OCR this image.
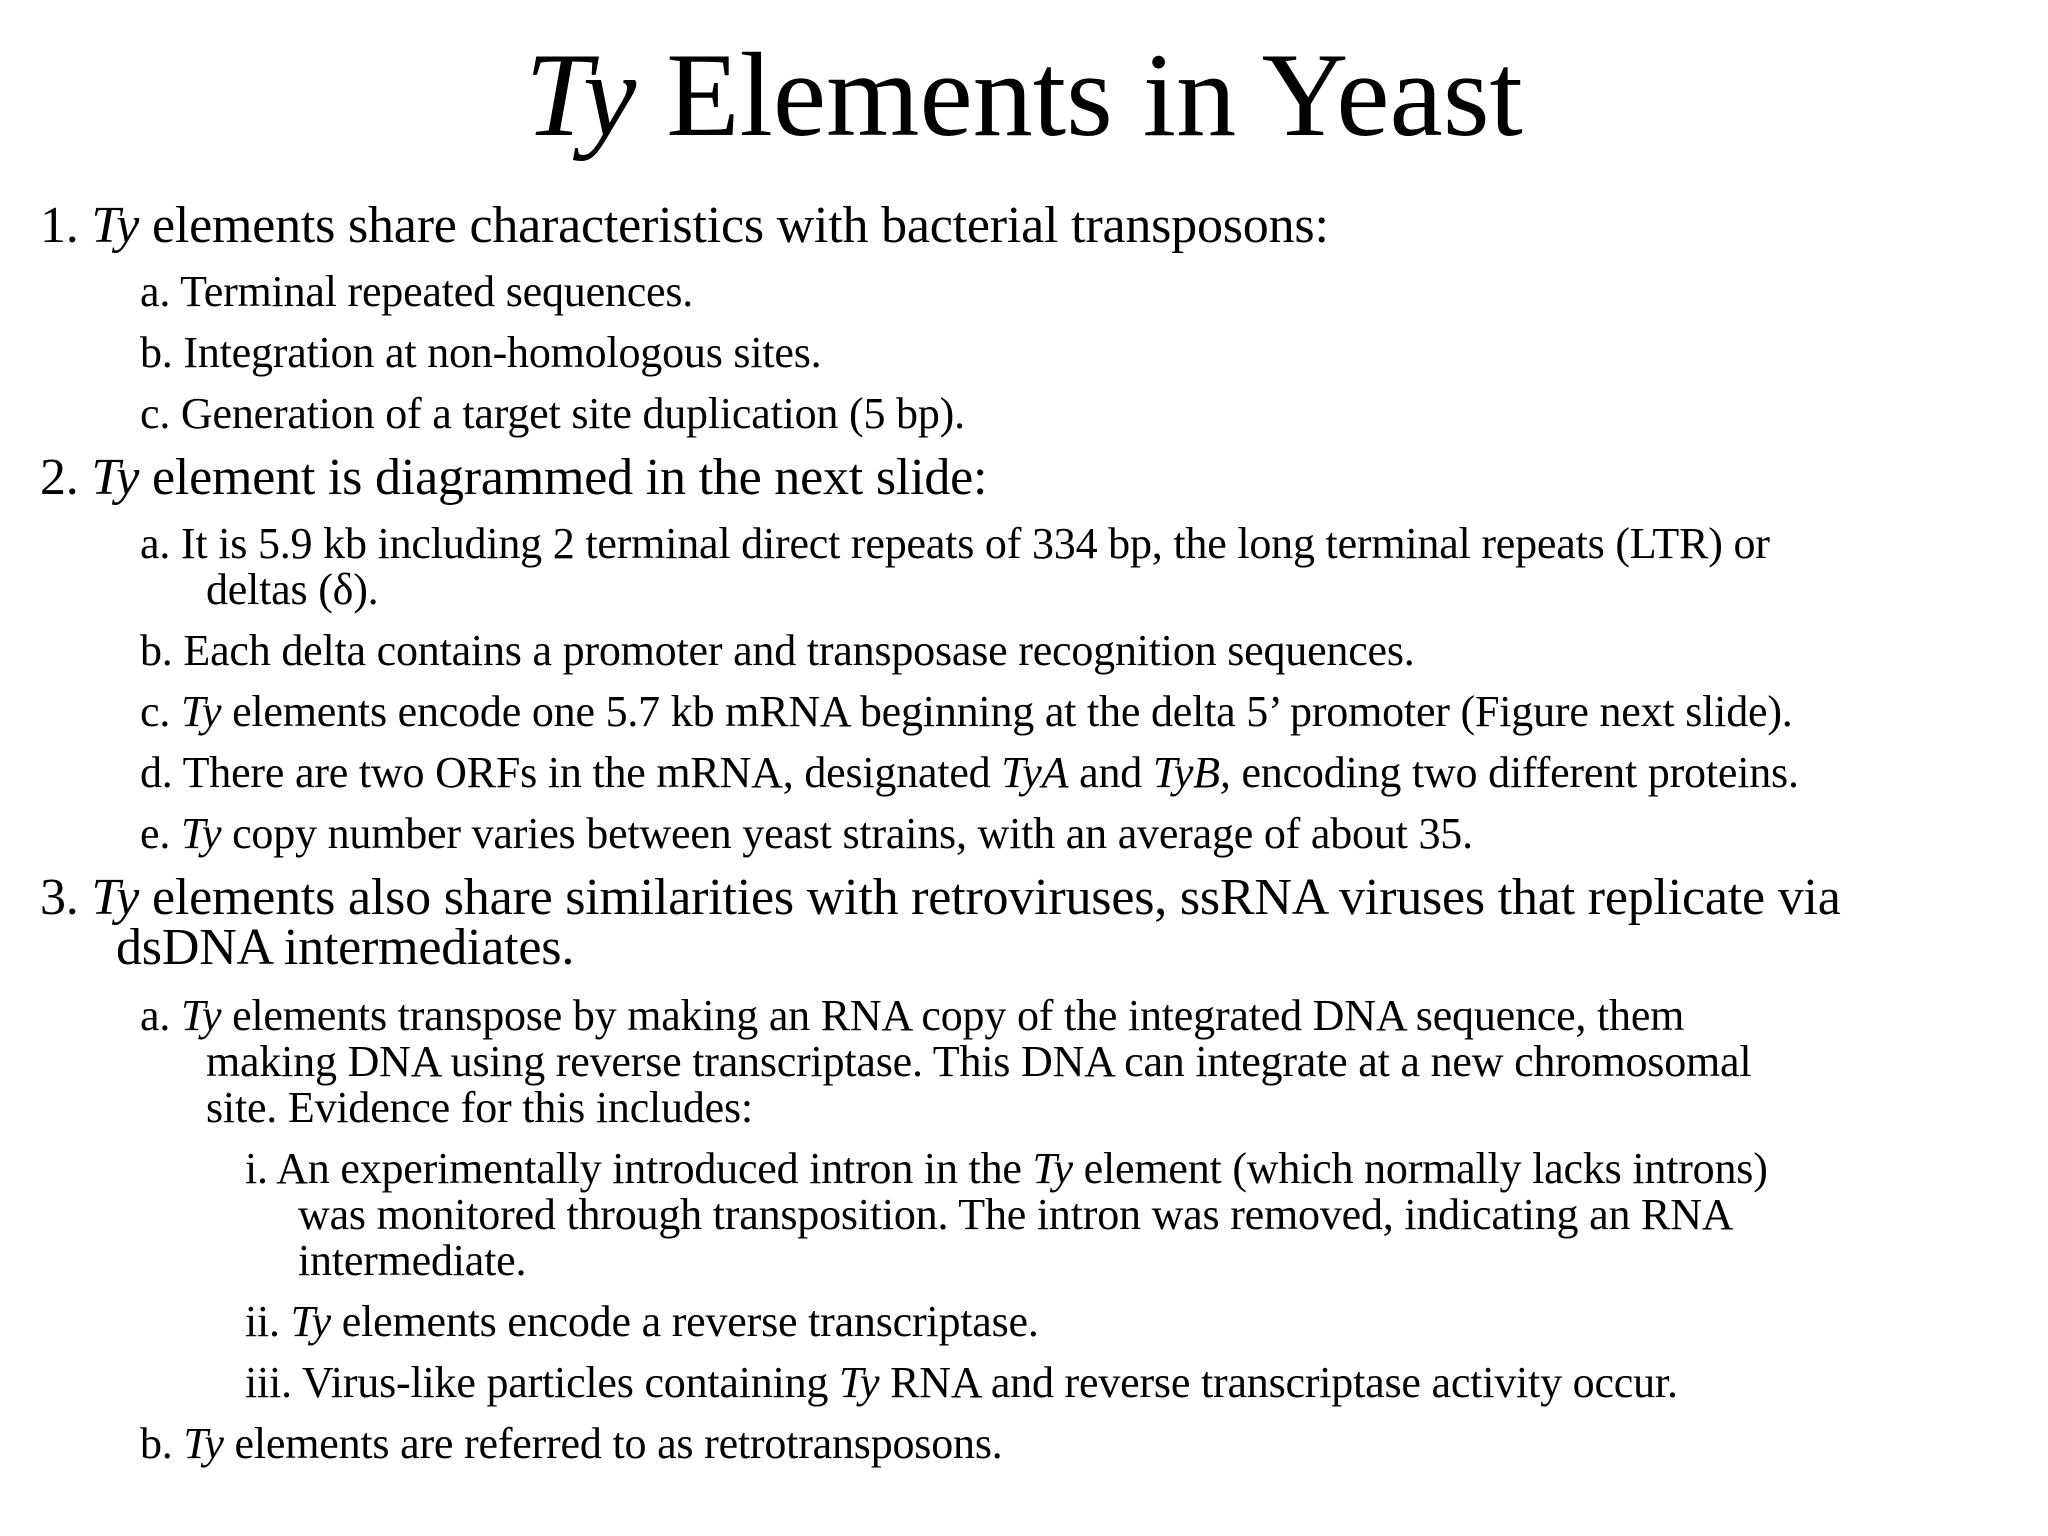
Ty Elements in Yeast
1. Ty elements share characteristics with bacterial transposons:
a. Terminal repeated sequences.
b. Integration at non-homologous sites.
c. Generation of a target site duplication (5 bp).
2. Ty element is diagrammed in the next slide:
a. It is 5.9 kb including 2 terminal direct repeats of 334 bp, the long terminal repeats (LTR) or
deltas (δ).
b. Each delta contains a promoter and transposase recognition sequences.
c. Ty elements encode one 5.7 kb mRNA beginning at the delta 5’ promoter (Figure next slide).
d. There are two ORFs in the mRNA, designated TyA and TyB, encoding two different proteins.
e. Ty copy number varies between yeast strains, with an average of about 35.
3. Ty elements also share similarities with retroviruses, ssRNA viruses that replicate via
dsDNA intermediates.
a. Ty elements transpose by making an RNA copy of the integrated DNA sequence, them
making DNA using reverse transcriptase. This DNA can integrate at a new chromosomal
site. Evidence for this includes:
i. An experimentally introduced intron in the Ty element (which normally lacks introns)
was monitored through transposition. The intron was removed, indicating an RNA
intermediate.
ii. Ty elements encode a reverse transcriptase.
iii. Virus-like particles containing Ty RNA and reverse transcriptase activity occur.
b. Ty elements are referred to as retrotransposons.
